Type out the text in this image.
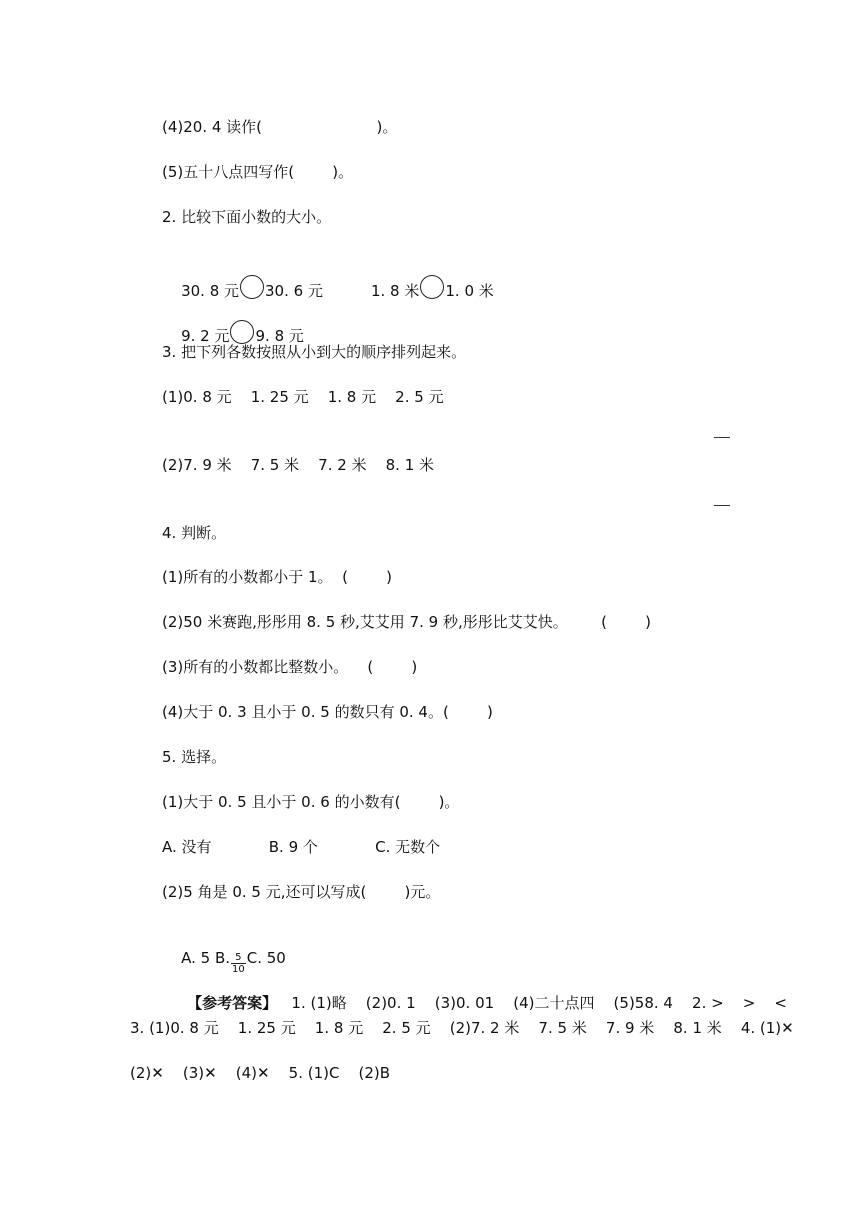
(4)20. 4 读作(                        )。
(5)五十八点四写作(        )。
2. 比较下面小数的大小。

30. 8 元 30. 6 元	1. 8 米 1. 0 米

9. 2 元 9. 8 元

3. 把下列各数按照从小到大的顺序排列起来。
(1)0. 8 元    1. 25 元    1. 8 元    2. 5 元
(2)7. 9 米    7. 5 米    7. 2 米    8. 1 米
4. 判断。
(1)所有的小数都小于 1。  (        )
(2)50 米赛跑,彤彤用 8. 5 秒,艾艾用 7. 9 秒,彤彤比艾艾快。       (        )
(3)所有的小数都比整数小。    (        )
(4)大于 0. 3 且小于 0. 5 的数只有 0. 4。(        )
5. 选择。
(1)大于 0. 5 且小于 0. 6 的小数有(        )。
A. 没有            B. 9 个            C. 无数个
(2)5 角是 0. 5 元,还可以写成(        )元。

A. 5 B. $\frac{5}{10} C$. 50

【参考答案】 1. (1)略    (2)0. 1    (3)0. 01    (4)二十点四    (5)58. 4    2. >    >    <

3. (1)0. 8 元    1. 25 元    1. 8 元    2. 5 元    (2)7. 2 米    7. 5 米    7. 9 米    8. 1 米    4. (1)✕
(2)✕    (3)✕    (4)✕    5. (1)C    (2)B
